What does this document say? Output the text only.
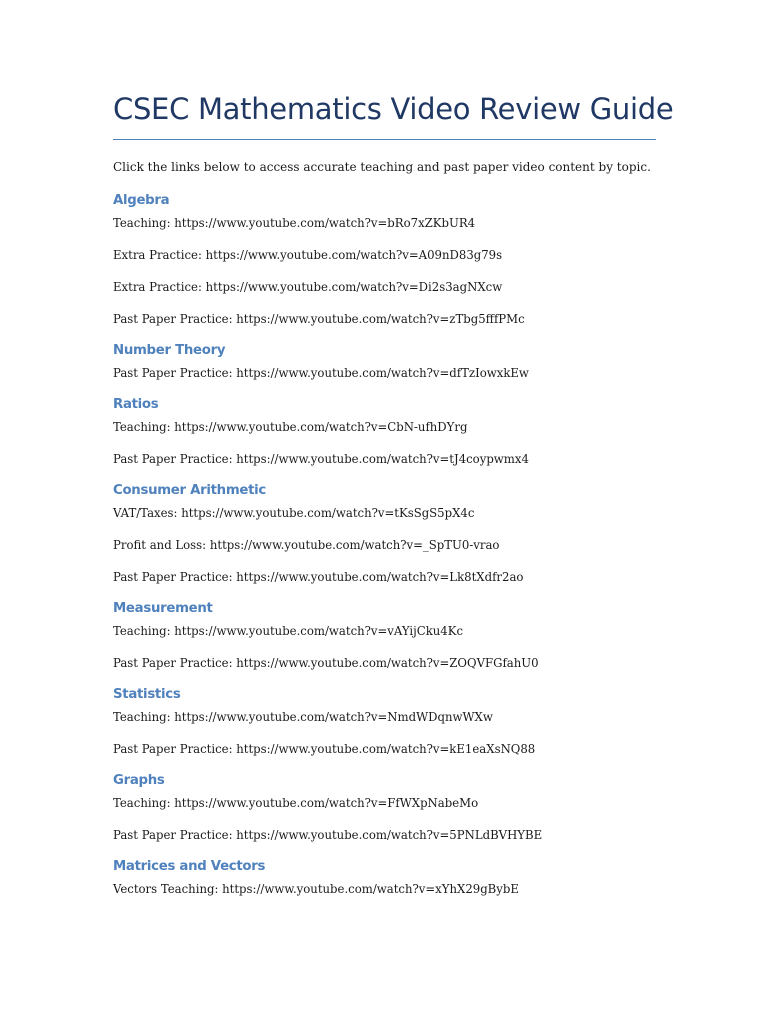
CSEC Mathematics Video Review Guide

Click the links below to access accurate teaching and past paper video content by topic.

Algebra

Teaching: https://www.youtube.com/watch?v=bRo7xZKbUR4

Extra Practice: https://www.youtube.com/watch?v=A09nD83g79s

Extra Practice: https://www.youtube.com/watch?v=Di2s3agNXcw

Past Paper Practice: https://www.youtube.com/watch?v=zTbg5fffPMc

Number Theory

Past Paper Practice: https://www.youtube.com/watch?v=dfTzIowxkEw

Ratios

Teaching: https://www.youtube.com/watch?v=CbN-ufhDYrg

Past Paper Practice: https://www.youtube.com/watch?v=tJ4coypwmx4

Consumer Arithmetic

VAT/Taxes: https://www.youtube.com/watch?v=tKsSgS5pX4c

Profit and Loss: https://www.youtube.com/watch?v=_SpTU0-vrao

Past Paper Practice: https://www.youtube.com/watch?v=Lk8tXdfr2ao

Measurement

Teaching: https://www.youtube.com/watch?v=vAYijCku4Kc

Past Paper Practice: https://www.youtube.com/watch?v=ZOQVFGfahU0

Statistics

Teaching: https://www.youtube.com/watch?v=NmdWDqnwWXw

Past Paper Practice: https://www.youtube.com/watch?v=kE1eaXsNQ88

Graphs

Teaching: https://www.youtube.com/watch?v=FfWXpNabeMo

Past Paper Practice: https://www.youtube.com/watch?v=5PNLdBVHYBE

Matrices and Vectors

Vectors Teaching: https://www.youtube.com/watch?v=xYhX29gBybE
